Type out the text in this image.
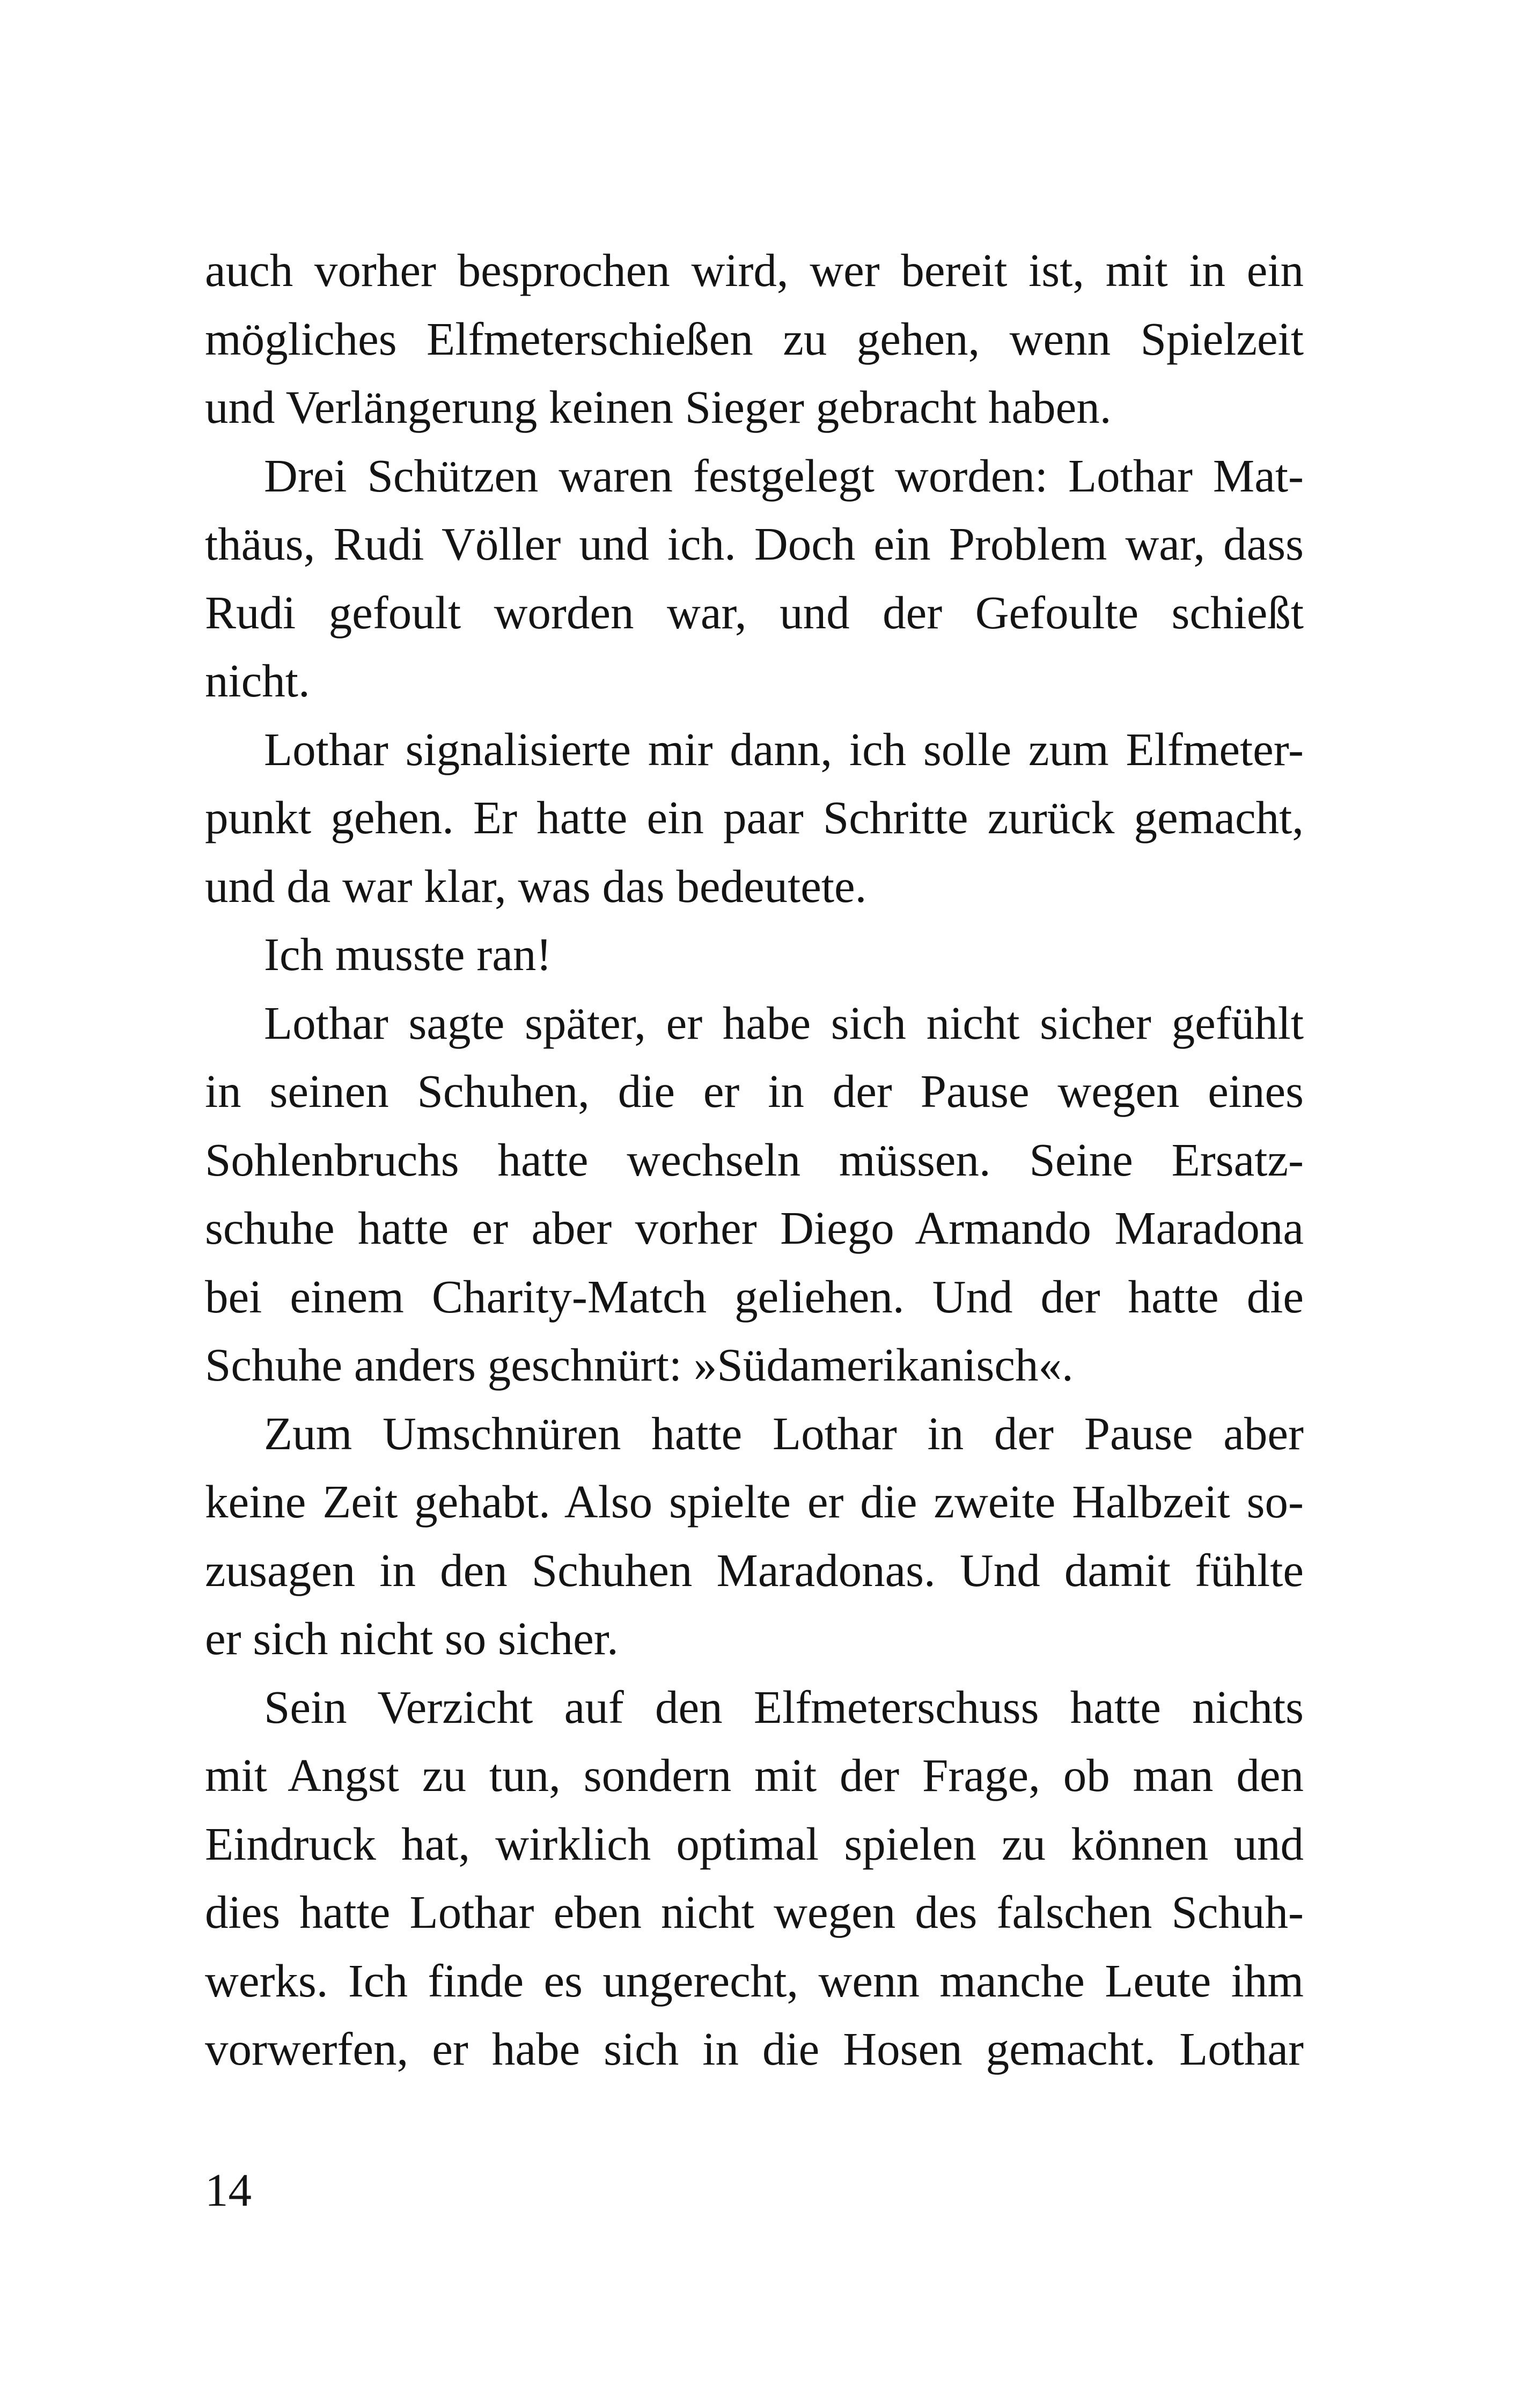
auch vorher besprochen wird, wer bereit ist, mit in ein
mögliches Elfmeterschießen zu gehen, wenn Spielzeit
und Verlängerung keinen Sieger gebracht haben.

Drei Schützen waren festgelegt worden: Lothar Mat-
thäus, Rudi Völler und ich. Doch ein Problem war, dass
Rudi gefoult worden war, und der Gefoulte schießt
nicht.

Lothar signalisierte mir dann, ich solle zum Elfmeter-
punkt gehen. Er hatte ein paar Schritte zurück gemacht,
und da war klar, was das bedeutete.

Ich musste ran!

Lothar sagte später, er habe sich nicht sicher gefühlt
in seinen Schuhen, die er in der Pause wegen eines
Sohlenbruchs hatte wechseln müssen. Seine Ersatz-
schuhe hatte er aber vorher Diego Armando Maradona
bei einem Charity-Match geliehen. Und der hatte die
Schuhe anders geschnürt: »Südamerikanisch«.

Zum Umschnüren hatte Lothar in der Pause aber
keine Zeit gehabt. Also spielte er die zweite Halbzeit so-
zusagen in den Schuhen Maradonas. Und damit fühlte
er sich nicht so sicher.

Sein Verzicht auf den Elfmeterschuss hatte nichts
mit Angst zu tun, sondern mit der Frage, ob man den
Eindruck hat, wirklich optimal spielen zu können und
dies hatte Lothar eben nicht wegen des falschen Schuh-
werks. Ich finde es ungerecht, wenn manche Leute ihm
vorwerfen, er habe sich in die Hosen gemacht. Lothar

14
